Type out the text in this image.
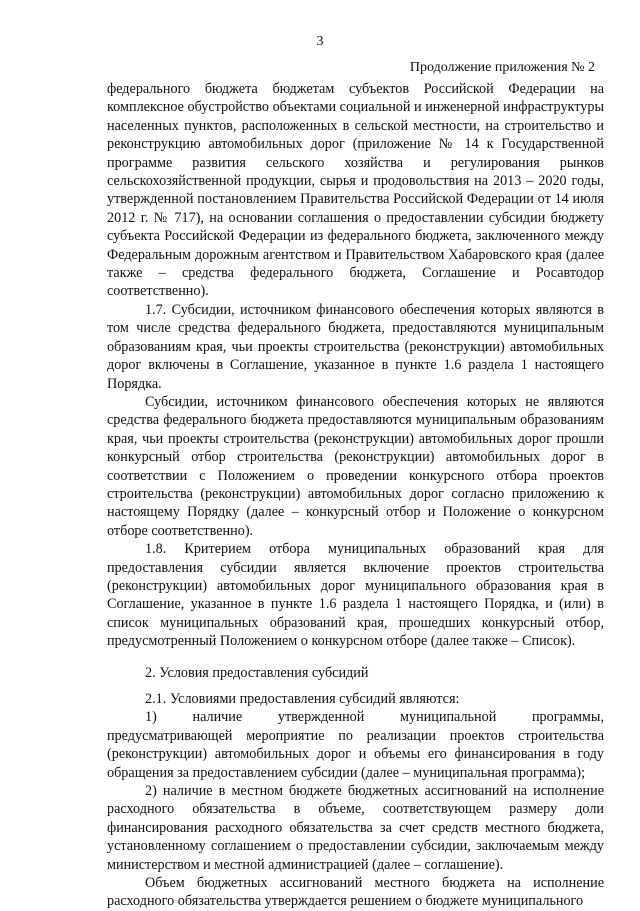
3
Продолжение приложения № 2

федерального бюджета бюджетам субъектов Российской Федерации на комплексное обустройство объектами социальной и инженерной инфраструктуры населенных пунктов, расположенных в сельской местности, на строительство и реконструкцию автомобильных дорог (приложение № 14 к Государственной программе развития сельского хозяйства и регулирования рынков сельскохозяйственной продукции, сырья и продовольствия на 2013 – 2020 годы, утвержденной постановлением Правительства Российской Федерации от 14 июля 2012 г. № 717), на основании соглашения о предоставлении субсидии бюджету субъекта Российской Федерации из федерального бюджета, заключенного между Федеральным дорожным агентством и Правительством Хабаровского края (далее также – средства федерального бюджета, Соглашение и Росавтодор соответственно).

1.7. Субсидии, источником финансового обеспечения которых являются в том числе средства федерального бюджета, предоставляются муниципальным образованиям края, чьи проекты строительства (реконструкции) автомобильных дорог включены в Соглашение, указанное в пункте 1.6 раздела 1 настоящего Порядка.

Субсидии, источником финансового обеспечения которых не являются средства федерального бюджета предоставляются муниципальным образованиям края, чьи проекты строительства (реконструкции) автомобильных дорог прошли конкурсный отбор строительства (реконструкции) автомобильных дорог в соответствии с Положением о проведении конкурсного отбора проектов строительства (реконструкции) автомобильных дорог согласно приложению к настоящему Порядку (далее – конкурсный отбор и Положение о конкурсном отборе соответственно).

1.8. Критерием отбора муниципальных образований края для предоставления субсидии является включение проектов строительства (реконструкции) автомобильных дорог муниципального образования края в Соглашение, указанное в пункте 1.6 раздела 1 настоящего Порядка, и (или) в список муниципальных образований края, прошедших конкурсный отбор, предусмотренный Положением о конкурсном отборе (далее также – Список).

2. Условия предоставления субсидий

2.1. Условиями предоставления субсидий являются:

1) наличие утвержденной муниципальной программы, предусматривающей мероприятие по реализации проектов строительства (реконструкции) автомобильных дорог и объемы его финансирования в году обращения за предоставлением субсидии (далее – муниципальная программа);

2) наличие в местном бюджете бюджетных ассигнований на исполнение расходного обязательства в объеме, соответствующем размеру доли финансирования расходного обязательства за счет средств местного бюджета, установленному соглашением о предоставлении субсидии, заключаемым между министерством и местной администрацией (далее – соглашение).

Объем бюджетных ассигнований местного бюджета на исполнение расходного обязательства утверждается решением о бюджете муниципального
